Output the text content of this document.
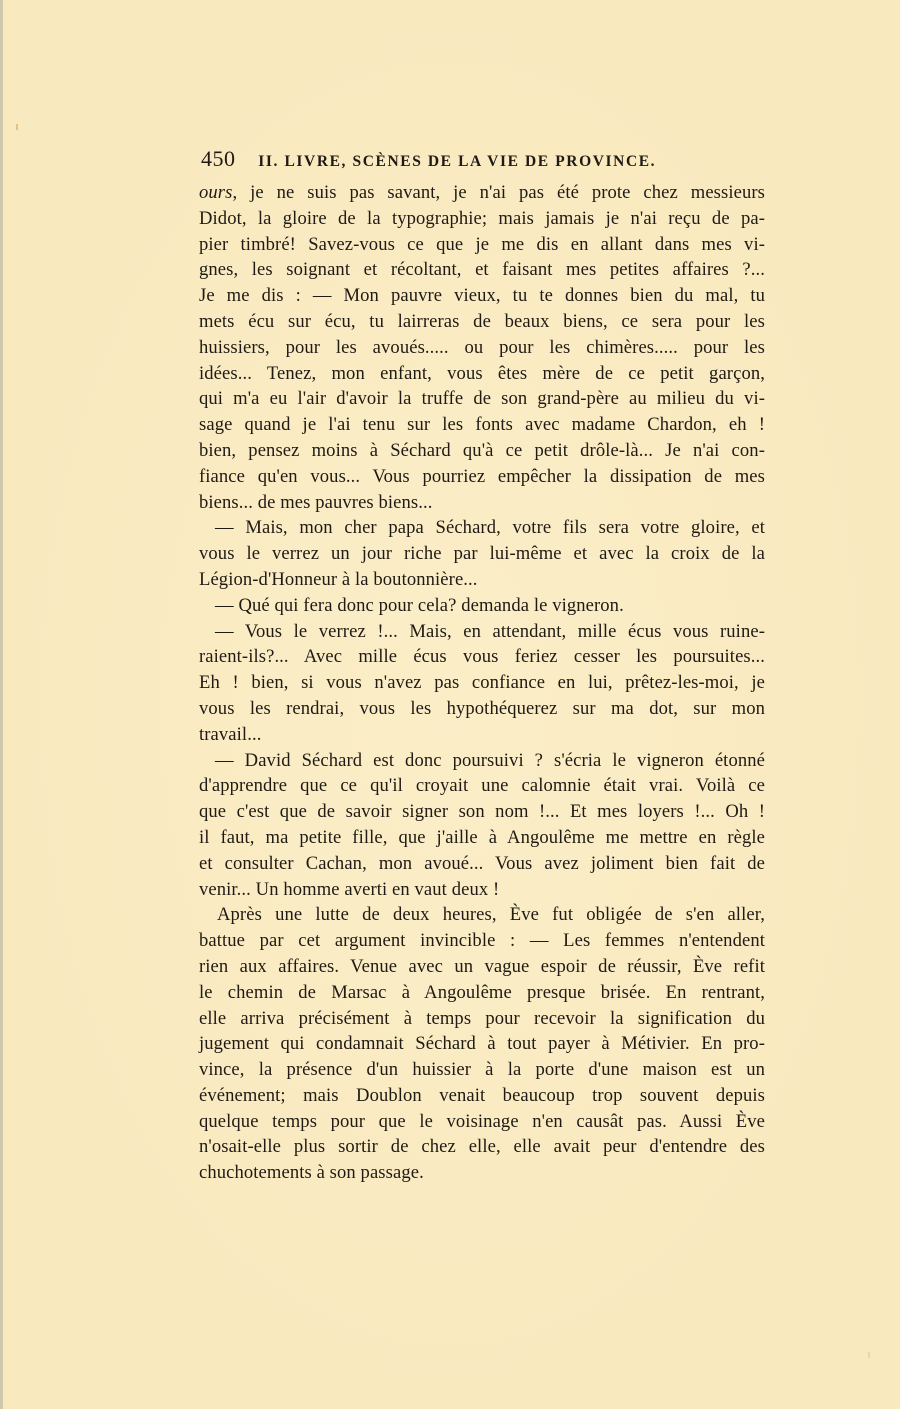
450 II. LIVRE, SCÈNES DE LA VIE DE PROVINCE.
ours, je ne suis pas savant, je n'ai pas été prote chez messieurs
Didot, la gloire de la typographie; mais jamais je n'ai reçu de pa-
pier timbré! Savez-vous ce que je me dis en allant dans mes vi-
gnes, les soignant et récoltant, et faisant mes petites affaires ?...
Je me dis : — Mon pauvre vieux, tu te donnes bien du mal, tu
mets écu sur écu, tu lairreras de beaux biens, ce sera pour les
huissiers, pour les avoués..... ou pour les chimères..... pour les
idées... Tenez, mon enfant, vous êtes mère de ce petit garçon,
qui m'a eu l'air d'avoir la truffe de son grand-père au milieu du vi-
sage quand je l'ai tenu sur les fonts avec madame Chardon, eh !
bien, pensez moins à Séchard qu'à ce petit drôle-là... Je n'ai con-
fiance qu'en vous... Vous pourriez empêcher la dissipation de mes
biens... de mes pauvres biens...
— Mais, mon cher papa Séchard, votre fils sera votre gloire, et
vous le verrez un jour riche par lui-même et avec la croix de la
Légion-d'Honneur à la boutonnière...
— Qué qui fera donc pour cela? demanda le vigneron.
— Vous le verrez !... Mais, en attendant, mille écus vous ruine-
raient-ils?... Avec mille écus vous feriez cesser les poursuites...
Eh ! bien, si vous n'avez pas confiance en lui, prêtez-les-moi, je
vous les rendrai, vous les hypothéquerez sur ma dot, sur mon
travail...
— David Séchard est donc poursuivi ? s'écria le vigneron étonné
d'apprendre que ce qu'il croyait une calomnie était vrai. Voilà ce
que c'est que de savoir signer son nom !... Et mes loyers !... Oh !
il faut, ma petite fille, que j'aille à Angoulême me mettre en règle
et consulter Cachan, mon avoué... Vous avez joliment bien fait de
venir... Un homme averti en vaut deux !
Après une lutte de deux heures, Ève fut obligée de s'en aller,
battue par cet argument invincible : — Les femmes n'entendent
rien aux affaires. Venue avec un vague espoir de réussir, Ève refit
le chemin de Marsac à Angoulême presque brisée. En rentrant,
elle arriva précisément à temps pour recevoir la signification du
jugement qui condamnait Séchard à tout payer à Métivier. En pro-
vince, la présence d'un huissier à la porte d'une maison est un
événement; mais Doublon venait beaucoup trop souvent depuis
quelque temps pour que le voisinage n'en causât pas. Aussi Ève
n'osait-elle plus sortir de chez elle, elle avait peur d'entendre des
chuchotements à son passage.
